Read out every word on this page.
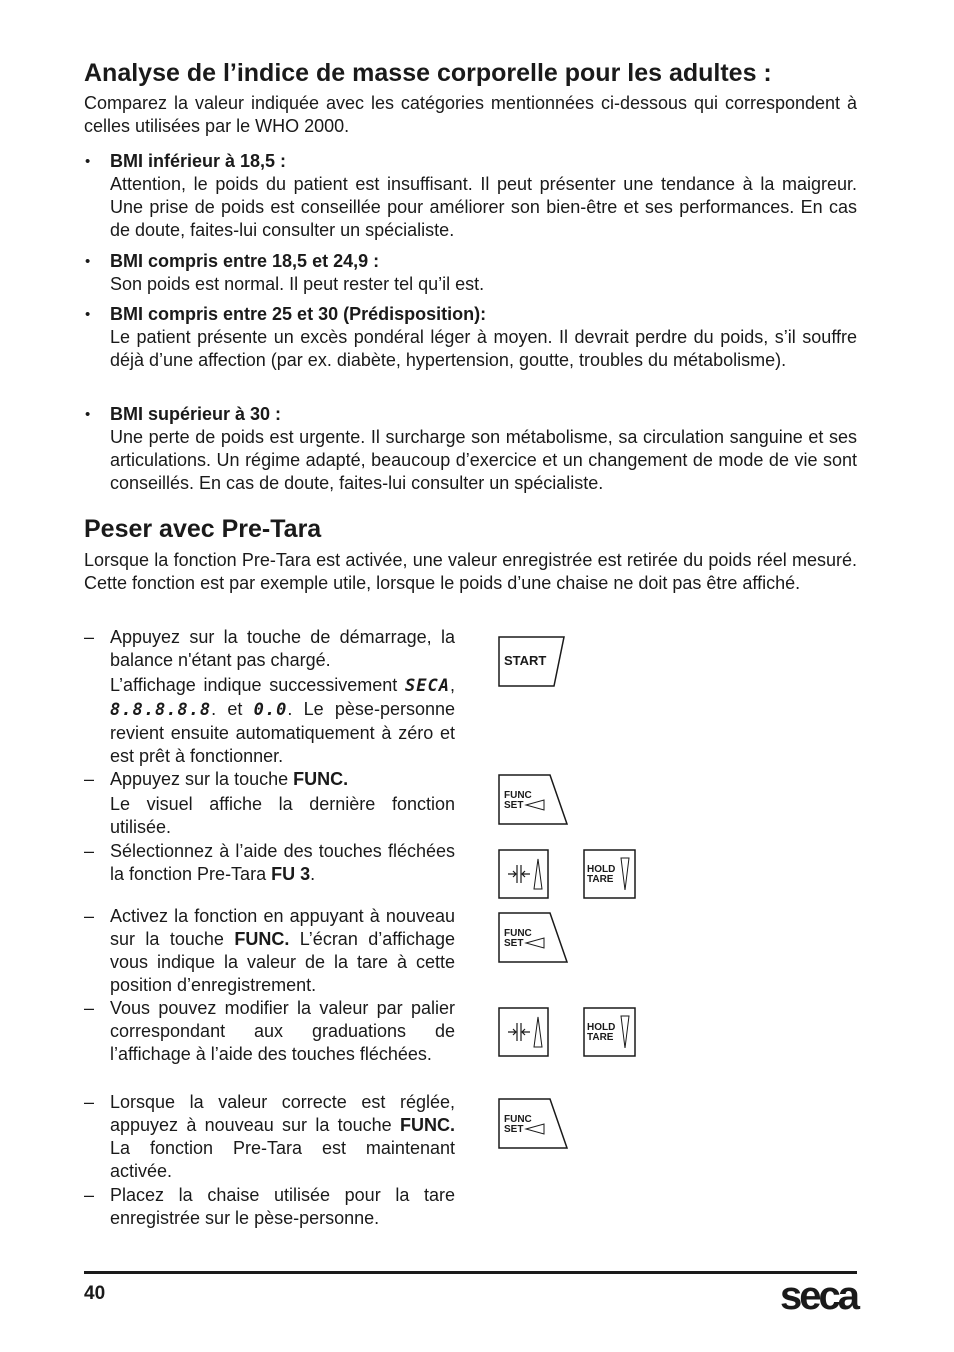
Analyse de l’indice de masse corporelle pour les adultes :

Comparez la valeur indiquée avec les catégories mentionnées ci-dessous qui correspondent à celles utilisées par le WHO 2000.

• BMI inférieur à 18,5 :

Attention, le poids du patient est insuffisant. Il peut présenter une tendance à la maigreur. Une prise de poids est conseillée pour améliorer son bien-être et ses performances. En cas de doute, faites-lui consulter un spécialiste.

• BMI compris entre 18,5 et 24,9 :

Son poids est normal. Il peut rester tel qu’il est.

• BMI compris entre 25 et 30 (Prédisposition):

Le patient présente un excès pondéral léger à moyen. Il devrait perdre du poids, s’il souffre déjà d’une affection (par ex. diabète, hypertension, goutte, troubles du métabolisme).

• BMI supérieur à 30 :

Une perte de poids est urgente. Il surcharge son métabolisme, sa circulation sanguine et ses articulations. Un régime adapté, beaucoup d’exercice et un changement de mode de vie sont conseillés. En cas de doute, faites-lui consulter un spécialiste.

Peser avec Pre-Tara

Lorsque la fonction Pre-Tara est activée, une valeur enregistrée est retirée du poids réel mesuré. Cette fonction est par exemple utile, lorsque le poids d’une chaise ne doit pas être affiché.

– Appuyez sur la touche de démarrage, la balance n'étant pas chargé.

L’affichage indique successivement SECA, 8.8.8.8.8. et 0.0. Le pèse-personne revient ensuite automatiquement à zéro et est prêt à fonctionner.

– Appuyez sur la touche FUNC.

Le visuel affiche la dernière fonction utilisée.

– Sélectionnez à l’aide des touches fléchées la fonction Pre-Tara FU 3.

– Activez la fonction en appuyant à nouveau sur la touche FUNC. L’écran d’affichage vous indique la valeur de la tare à cette position d’enregistrement.

– Vous pouvez modifier la valeur par palier correspondant aux graduations de l’affichage à l’aide des touches fléchées.

– Lorsque la valeur correcte est réglée, appuyez à nouveau sur la touche FUNC. La fonction Pre-Tara est maintenant activée.

– Placez la chaise utilisée pour la tare enregistrée sur le pèse-personne.

START
FUNC
SET
HOLD
TARE
FUNC
SET
HOLD
TARE
FUNC
SET
40	seca
